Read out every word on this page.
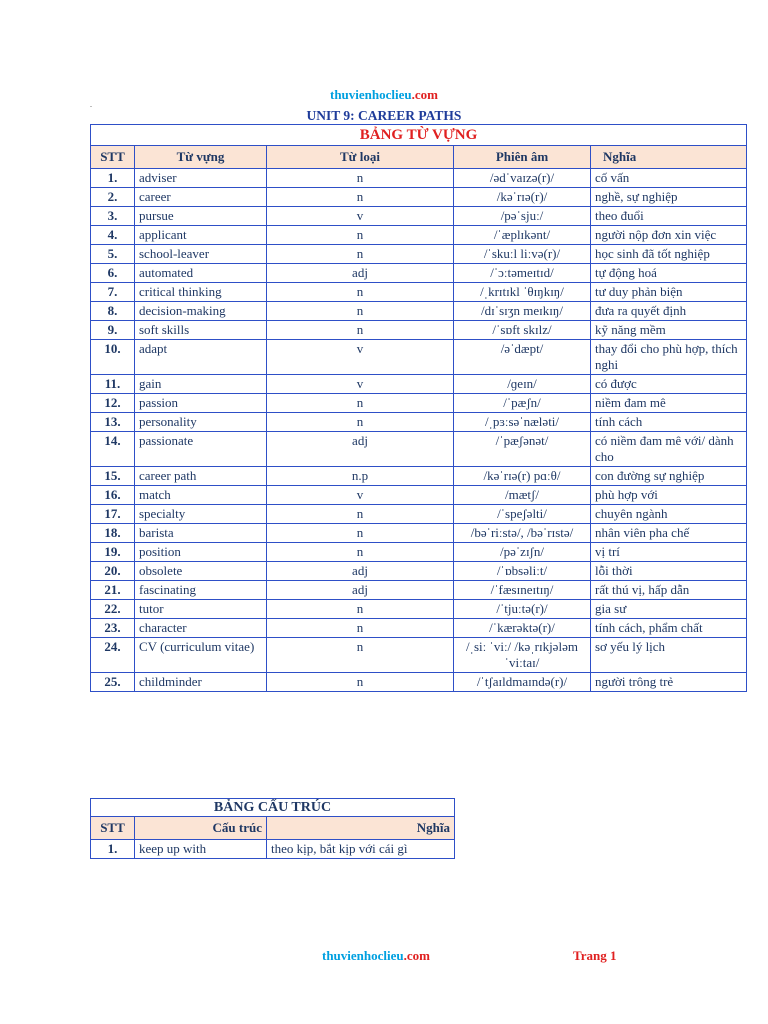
thuvienhoclieu.com
.
UNIT 9: CAREER PATHS
BẢNG TỪ VỰNG				
STT	Từ vựng	Từ loại	Phiên âm	Nghĩa
1.	adviser	n	/ədˈvaɪzə(r)/	cố vấn
2.	career	n	/kəˈrɪə(r)/	nghề, sự nghiệp
3.	pursue	v	/pəˈsjuː/	theo đuổi
4.	applicant	n	/ˈæplɪkənt/	người nộp đơn xin việc
5.	school-leaver	n	/ˈskuːl liːvə(r)/	học sinh đã tốt nghiệp
6.	automated	adj	/ˈɔːtəmeɪtɪd/	tự động hoá
7.	critical thinking	n	/ˌkrɪtɪkl ˈθɪŋkɪŋ/	tư duy phản biện
8.	decision-making	n	/dɪˈsɪʒn meɪkɪŋ/	đưa ra quyết định
9.	soft skills	n	/ˈsɒft skɪlz/	kỹ năng mềm
10.	adapt	v	/əˈdæpt/	thay đổi cho phù hợp, thích nghi
11.	gain	v	/ɡeɪn/	có được
12.	passion	n	/ˈpæʃn/	niềm đam mê
13.	personality	n	/ˌpɜːsəˈnæləti/	tính cách
14.	passionate	adj	/ˈpæʃənət/	có niềm đam mê với/ dành cho
15.	career path	n.p	/kəˈrɪə(r) pɑːθ/	con đường sự nghiệp
16.	match	v	/mætʃ/	phù hợp với
17.	specialty	n	/ˈspeʃəlti/	chuyên ngành
18.	barista	n	/bəˈriːstə/, /bəˈrɪstə/	nhân viên pha chế
19.	position	n	/pəˈzɪʃn/	vị trí
20.	obsolete	adj	/ˈɒbsəliːt/	lỗi thời
21.	fascinating	adj	/ˈfæsɪneɪtɪŋ/	rất thú vị, hấp dẫn
22.	tutor	n	/ˈtjuːtə(r)/	gia sư
23.	character	n	/ˈkærəktə(r)/	tính cách, phẩm chất
24.	CV (curriculum vitae)	n	/ˌsiː ˈviː/ /kəˌrɪkjələm ˈviːtaɪ/	sơ yếu lý lịch
25.	childminder	n	/ˈtʃaɪldmaɪndə(r)/	người trông trẻ
BẢNG CẤU TRÚC		
STT	Cấu trúc	Nghĩa
1.	keep up with	theo kịp, bắt kịp với cái gì
thuvienhoclieu.com	Trang 1
